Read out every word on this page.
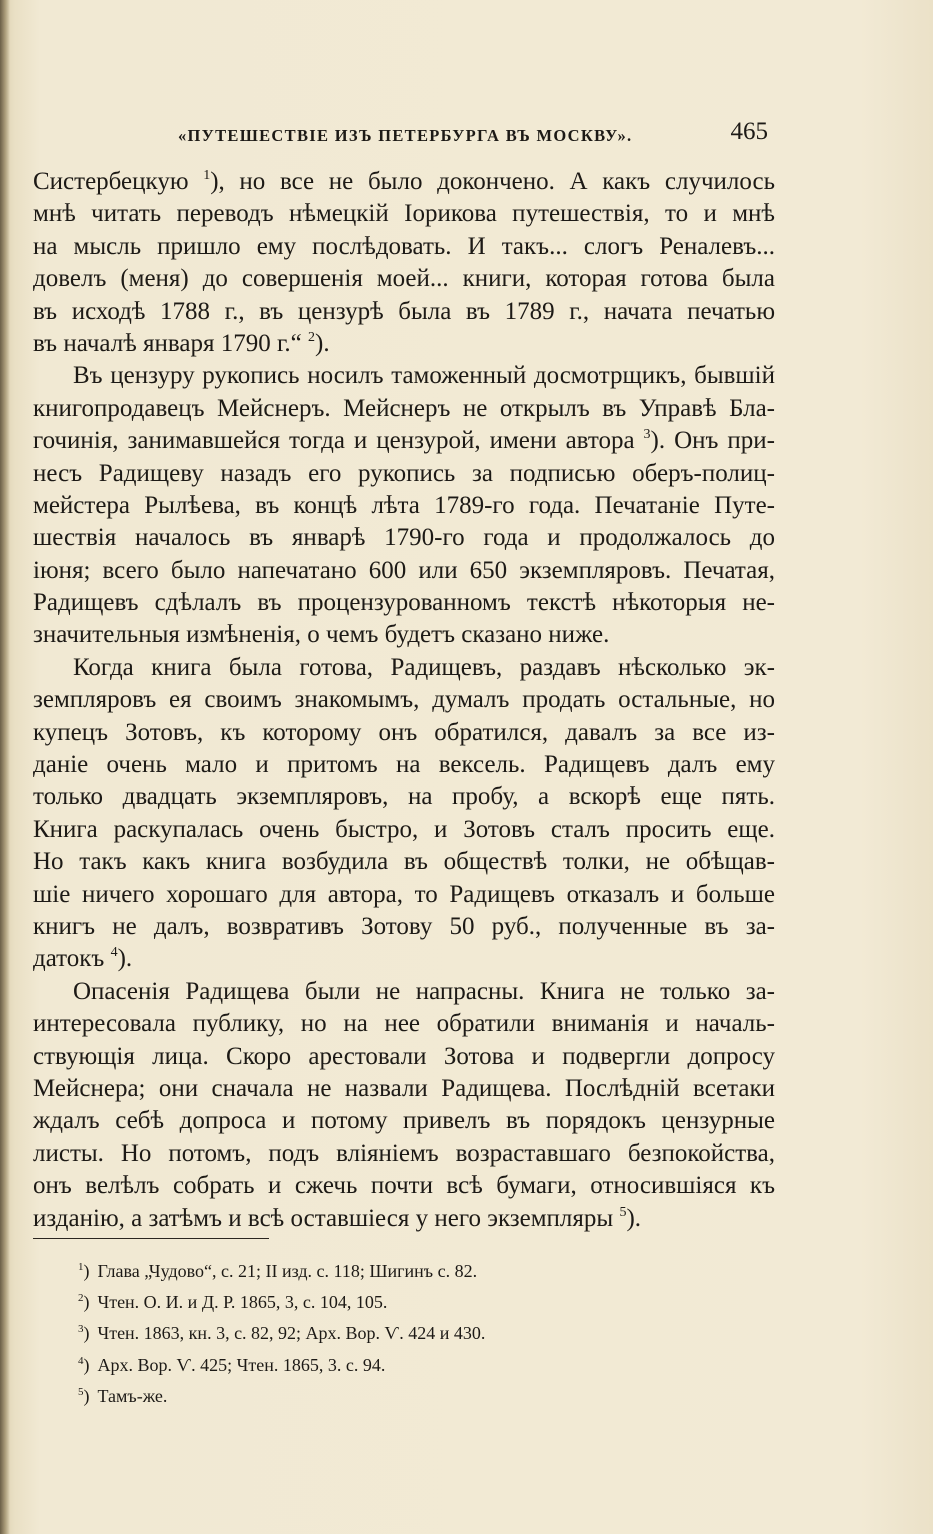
«ПУТЕШЕСТВІЕ ИЗЪ ПЕТЕРБУРГА ВЪ МОСКВУ».	465
Систербецкую $^1$), но все не было докончено. А какъ случилось
мнѣ читать переводъ нѣмецкій Іорикова путешествія, то и мнѣ
на мысль пришло ему послѣдовать. И такъ... слогъ Реналевъ...
довелъ (меня) до совершенія моей... книги, которая готова была
въ исходѣ 1788 г., въ цензурѣ была въ 1789 г., начата печатью
въ началѣ января 1790 г.“ $^2$).
Въ цензуру рукопись носилъ таможенный досмотрщикъ, бывшій
книгопродавецъ Мейснеръ. Мейснеръ не открылъ въ Управѣ Бла-
гочинія, занимавшейся тогда и цензурой, имени автора $^3$). Онъ при-
несъ Радищеву назадъ его рукопись за подписью оберъ-полиц-
мейстера Рылѣева, въ концѣ лѣта 1789-го года. Печатаніе Путе-
шествія началось въ январѣ 1790-го года и продолжалось до
іюня; всего было напечатано 600 или 650 экземпляровъ. Печатая,
Радищевъ сдѣлалъ въ процензурованномъ текстѣ нѣкоторыя не-
значительныя измѣненія, о чемъ будетъ сказано ниже.
Когда книга была готова, Радищевъ, раздавъ нѣсколько эк-
земпляровъ ея своимъ знакомымъ, думалъ продать остальные, но
купецъ Зотовъ, къ которому онъ обратился, давалъ за все из-
даніе очень мало и притомъ на вексель. Радищевъ далъ ему
только двадцать экземпляровъ, на пробу, а вскорѣ еще пять.
Книга раскупалась очень быстро, и Зотовъ сталъ просить еще.
Но такъ какъ книга возбудила въ обществѣ толки, не обѣщав-
шіе ничего хорошаго для автора, то Радищевъ отказалъ и больше
книгъ не далъ, возвративъ Зотову 50 руб., полученные въ за-
датокъ $^4$).
Опасенія Радищева были не напрасны. Книга не только за-
интересовала публику, но на нее обратили вниманія и началь-
ствующія лица. Скоро арестовали Зотова и подвергли допросу
Мейснера; они сначала не назвали Радищева. Послѣдній всетаки
ждалъ себѣ допроса и потому привелъ въ порядокъ цензурные
листы. Но потомъ, подъ вліяніемъ возраставшаго безпокойства,
онъ велѣлъ собрать и сжечь почти всѣ бумаги, относившіяся къ
изданію, а затѣмъ и всѣ оставшіеся у него экземпляры $^5$).
$^1$) Глава „Чудово“, с. 21; II изд. с. 118; Шигинъ с. 82.
$^2$) Чтен. О. И. и Д. Р. 1865, 3, с. 104, 105.
$^3$) Чтен. 1863, кн. 3, с. 82, 92; Арх. Вор. Ѵ. 424 и 430.
$^4$) Арх. Вор. Ѵ. 425; Чтен. 1865, 3. с. 94.
$^5$) Тамъ-же.
